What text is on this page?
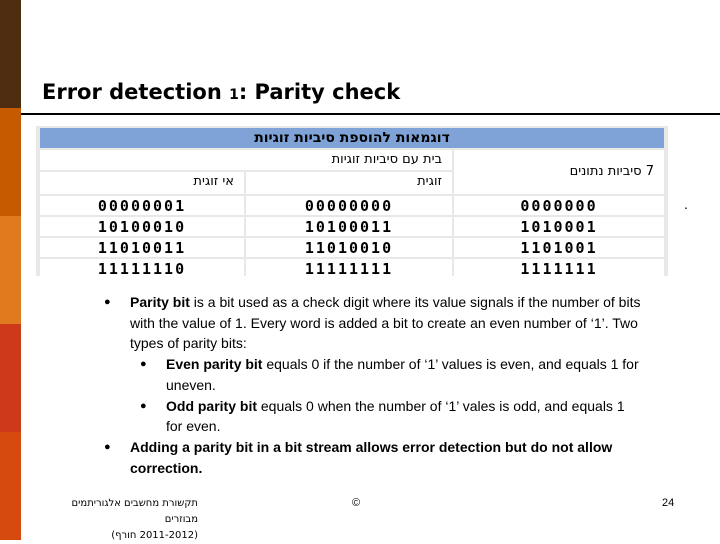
Error detection 1: Parity check
.
דוגמאות להוספת סיביות זוגיות
בית עם סיביות זוגיות
7 סיביות נתונים
אי זוגית	זוגית
00000001	00000000	0000000
10100010	10100011	1010001
11010011	11010010	1101001
11111110	11111111	1111111
● Parity bit is a bit used as a check digit where its value signals if the number of bits with the value of 1. Every word is added a bit to create an even number of ‘1’. Two types of parity bits:
● Even parity bit equals 0 if the number of ‘1’ values is even, and equals 1 for uneven.
● Odd parity bit equals 0 when the number of ‘1’ vales is odd, and equals 1 for even.
● Adding a parity bit in a bit stream allows error detection but do not allow correction.
תקשורת מחשבים אלגוריתמים מבוזרים
(2011-2012 חורף)
©	24
